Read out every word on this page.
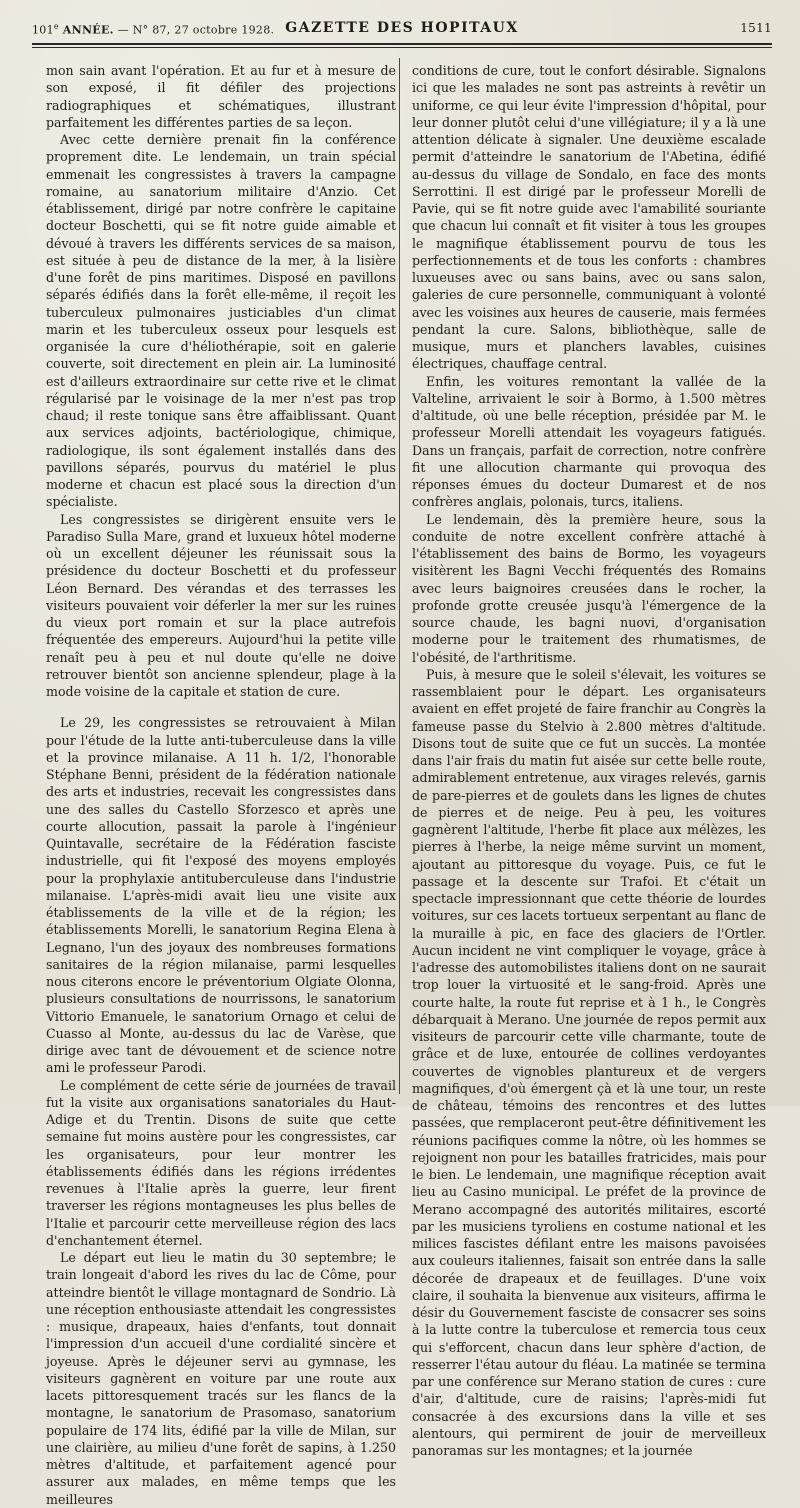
101e ANNÉE. — N° 87, 27 octobre 1928. GAZETTE DES HOPITAUX	1511

mon sain avant l'opération. Et au fur et à mesure de son exposé, il fit défiler des projections radiographiques et schématiques, illustrant parfaitement les différentes parties de sa leçon.

Avec cette dernière prenait fin la conférence proprement dite. Le lendemain, un train spécial emmenait les congressistes à travers la campagne romaine, au sanatorium militaire d'Anzio. Cet établissement, dirigé par notre confrère le capitaine docteur Boschetti, qui se fit notre guide aimable et dévoué à travers les différents services de sa maison, est située à peu de distance de la mer, à la lisière d'une forêt de pins maritimes. Disposé en pavillons séparés édifiés dans la forêt elle-même, il reçoit les tuberculeux pulmonaires justiciables d'un climat marin et les tuberculeux osseux pour lesquels est organisée la cure d'héliothérapie, soit en galerie couverte, soit directement en plein air. La luminosité est d'ailleurs extraordinaire sur cette rive et le climat régularisé par le voisinage de la mer n'est pas trop chaud; il reste tonique sans être affaiblissant. Quant aux services adjoints, bactériologique, chimique, radiologique, ils sont également installés dans des pavillons séparés, pourvus du matériel le plus moderne et chacun est placé sous la direction d'un spécialiste.

Les congressistes se dirigèrent ensuite vers le Paradiso Sulla Mare, grand et luxueux hôtel moderne où un excellent déjeuner les réunissait sous la présidence du docteur Boschetti et du professeur Léon Bernard. Des vérandas et des terrasses les visiteurs pouvaient voir déferler la mer sur les ruines du vieux port romain et sur la place autrefois fréquentée des empereurs. Aujourd'hui la petite ville renaît peu à peu et nul doute qu'elle ne doive retrouver bientôt son ancienne splendeur, plage à la mode voisine de la capitale et station de cure.

Le 29, les congressistes se retrouvaient à Milan pour l'étude de la lutte anti-tuberculeuse dans la ville et la province milanaise. A 11 h. 1/2, l'honorable Stéphane Benni, président de la fédération nationale des arts et industries, recevait les congressistes dans une des salles du Castello Sforzesco et après une courte allocution, passait la parole à l'ingénieur Quintavalle, secrétaire de la Fédération fasciste industrielle, qui fit l'exposé des moyens employés pour la prophylaxie antituberculeuse dans l'industrie milanaise. L'après-midi avait lieu une visite aux établissements de la ville et de la région; les établissements Morelli, le sanatorium Regina Elena à Legnano, l'un des joyaux des nombreuses formations sanitaires de la région milanaise, parmi lesquelles nous citerons encore le préventorium Olgiate Olonna, plusieurs consultations de nourrissons, le sanatorium Vittorio Emanuele, le sanatorium Ornago et celui de Cuasso al Monte, au-dessus du lac de Varèse, que dirige avec tant de dévouement et de science notre ami le professeur Parodi.

Le complément de cette série de journées de travail fut la visite aux organisations sanatoriales du Haut-Adige et du Trentin. Disons de suite que cette semaine fut moins austère pour les congressistes, car les organisateurs, pour leur montrer les établissements édifiés dans les régions irrédentes revenues à l'Italie après la guerre, leur firent traverser les régions montagneuses les plus belles de l'Italie et parcourir cette merveilleuse région des lacs d'enchantement éternel.

Le départ eut lieu le matin du 30 septembre; le train longeait d'abord les rives du lac de Côme, pour atteindre bientôt le village montagnard de Sondrio. Là une réception enthousiaste attendait les congressistes : musique, drapeaux, haies d'enfants, tout donnait l'impression d'un accueil d'une cordialité sincère et joyeuse. Après le déjeuner servi au gymnase, les visiteurs gagnèrent en voiture par une route aux lacets pittoresquement tracés sur les flancs de la montagne, le sanatorium de Prasomaso, sanatorium populaire de 174 lits, édifié par la ville de Milan, sur une clairière, au milieu d'une forêt de sapins, à 1.250 mètres d'altitude, et parfaitement agencé pour assurer aux malades, en même temps que les meilleures

conditions de cure, tout le confort désirable. Signalons ici que les malades ne sont pas astreints à revêtir un uniforme, ce qui leur évite l'impression d'hôpital, pour leur donner plutôt celui d'une villégiature; il y a là une attention délicate à signaler. Une deuxième escalade permit d'atteindre le sanatorium de l'Abetina, édifié au-dessus du village de Sondalo, en face des monts Serrottini. Il est dirigé par le professeur Morelli de Pavie, qui se fit notre guide avec l'amabilité souriante que chacun lui connaît et fit visiter à tous les groupes le magnifique établissement pourvu de tous les perfectionnements et de tous les conforts : chambres luxueuses avec ou sans bains, avec ou sans salon, galeries de cure personnelle, communiquant à volonté avec les voisines aux heures de causerie, mais fermées pendant la cure. Salons, bibliothèque, salle de musique, murs et planchers lavables, cuisines électriques, chauffage central.

Enfin, les voitures remontant la vallée de la Valteline, arrivaient le soir à Bormo, à 1.500 mètres d'altitude, où une belle réception, présidée par M. le professeur Morelli attendait les voyageurs fatigués. Dans un français, parfait de correction, notre confrère fit une allocution charmante qui provoqua des réponses émues du docteur Dumarest et de nos confrères anglais, polonais, turcs, italiens.

Le lendemain, dès la première heure, sous la conduite de notre excellent confrère attaché à l'établissement des bains de Bormo, les voyageurs visitèrent les Bagni Vecchi fréquentés des Romains avec leurs baignoires creusées dans le rocher, la profonde grotte creusée jusqu'à l'émergence de la source chaude, les bagni nuovi, d'organisation moderne pour le traitement des rhumatismes, de l'obésité, de l'arthritisme.

Puis, à mesure que le soleil s'élevait, les voitures se rassemblaient pour le départ. Les organisateurs avaient en effet projeté de faire franchir au Congrès la fameuse passe du Stelvio à 2.800 mètres d'altitude. Disons tout de suite que ce fut un succès. La montée dans l'air frais du matin fut aisée sur cette belle route, admirablement entretenue, aux virages relevés, garnis de pare-pierres et de goulets dans les lignes de chutes de pierres et de neige. Peu à peu, les voitures gagnèrent l'altitude, l'herbe fit place aux mélèzes, les pierres à l'herbe, la neige même survint un moment, ajoutant au pittoresque du voyage. Puis, ce fut le passage et la descente sur Trafoi. Et c'était un spectacle impressionnant que cette théorie de lourdes voitures, sur ces lacets tortueux serpentant au flanc de la muraille à pic, en face des glaciers de l'Ortler. Aucun incident ne vint compliquer le voyage, grâce à l'adresse des automobilistes italiens dont on ne saurait trop louer la virtuosité et le sang-froid. Après une courte halte, la route fut reprise et à 1 h., le Congrès débarquait à Merano. Une journée de repos permit aux visiteurs de parcourir cette ville charmante, toute de grâce et de luxe, entourée de collines verdoyantes couvertes de vignobles plantureux et de vergers magnifiques, d'où émergent çà et là une tour, un reste de château, témoins des rencontres et des luttes passées, que remplaceront peut-être définitivement les réunions pacifiques comme la nôtre, où les hommes se rejoignent non pour les batailles fratricides, mais pour le bien. Le lendemain, une magnifique réception avait lieu au Casino municipal. Le préfet de la province de Merano accompagné des autorités militaires, escorté par les musiciens tyroliens en costume national et les milices fascistes défilant entre les maisons pavoisées aux couleurs italiennes, faisait son entrée dans la salle décorée de drapeaux et de feuillages. D'une voix claire, il souhaita la bienvenue aux visiteurs, affirma le désir du Gouvernement fasciste de consacrer ses soins à la lutte contre la tuberculose et remercia tous ceux qui s'efforcent, chacun dans leur sphère d'action, de resserrer l'étau autour du fléau. La matinée se termina par une conférence sur Merano station de cures : cure d'air, d'altitude, cure de raisins; l'après-midi fut consacrée à des excursions dans la ville et ses alentours, qui permirent de jouir de merveilleux panoramas sur les montagnes; et la journée
